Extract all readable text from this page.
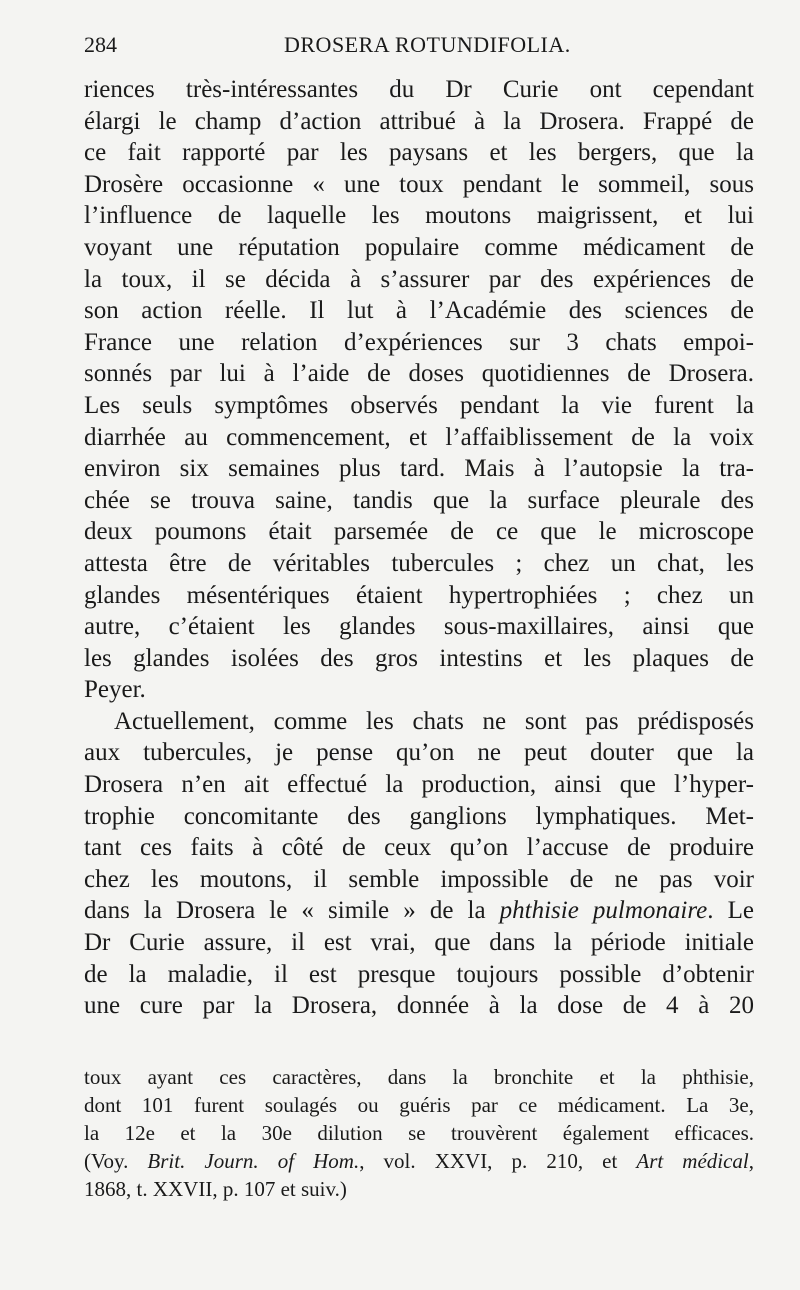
284	DROSERA ROTUNDIFOLIA.
riences très-intéressantes du Dr Curie ont cependant
élargi le champ d’action attribué à la Drosera. Frappé de
ce fait rapporté par les paysans et les bergers, que la
Drosère occasionne « une toux pendant le sommeil, sous
l’influence de laquelle les moutons maigrissent, et lui
voyant une réputation populaire comme médicament de
la toux, il se décida à s’assurer par des expériences de
son action réelle. Il lut à l’Académie des sciences de
France une relation d’expériences sur 3 chats empoi-
sonnés par lui à l’aide de doses quotidiennes de Drosera.
Les seuls symptômes observés pendant la vie furent la
diarrhée au commencement, et l’affaiblissement de la voix
environ six semaines plus tard. Mais à l’autopsie la tra-
chée se trouva saine, tandis que la surface pleurale des
deux poumons était parsemée de ce que le microscope
attesta être de véritables tubercules ; chez un chat, les
glandes mésentériques étaient hypertrophiées ; chez un
autre, c’étaient les glandes sous-maxillaires, ainsi que
les glandes isolées des gros intestins et les plaques de
Peyer.
Actuellement, comme les chats ne sont pas prédisposés
aux tubercules, je pense qu’on ne peut douter que la
Drosera n’en ait effectué la production, ainsi que l’hyper-
trophie concomitante des ganglions lymphatiques. Met-
tant ces faits à côté de ceux qu’on l’accuse de produire
chez les moutons, il semble impossible de ne pas voir
dans la Drosera le « simile » de la phthisie pulmonaire. Le
Dr Curie assure, il est vrai, que dans la période initiale
de la maladie, il est presque toujours possible d’obtenir
une cure par la Drosera, donnée à la dose de 4 à 20
toux ayant ces caractères, dans la bronchite et la phthisie,
dont 101 furent soulagés ou guéris par ce médicament. La 3e,
la 12e et la 30e dilution se trouvèrent également efficaces.
(Voy. Brit. Journ. of Hom., vol. XXVI, p. 210, et Art médical,
1868, t. XXVII, p. 107 et suiv.)
